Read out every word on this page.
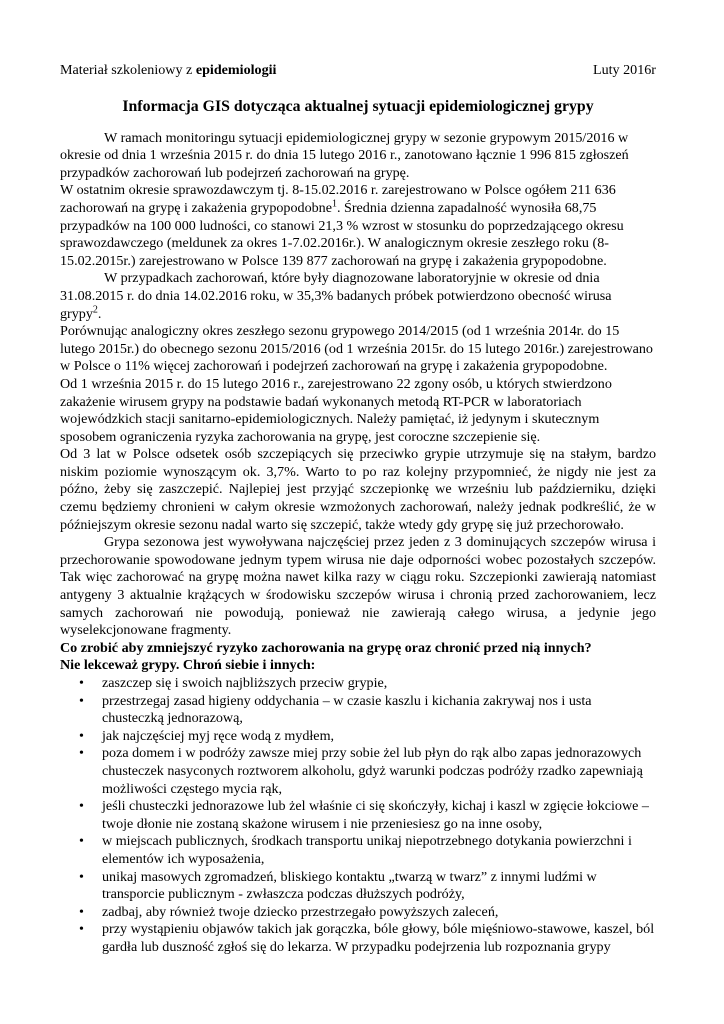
Materiał szkoleniowy z epidemiologii	Luty 2016r
Informacja GIS dotycząca aktualnej sytuacji epidemiologicznej grypy

W ramach monitoringu sytuacji epidemiologicznej grypy w sezonie grypowym 2015/2016 w okresie od dnia 1 września 2015 r. do dnia 15 lutego 2016 r., zanotowano łącznie 1 996 815 zgłoszeń przypadków zachorowań lub podejrzeń zachorowań na grypę.

W ostatnim okresie sprawozdawczym tj. 8-15.02.2016 r. zarejestrowano w Polsce ogółem 211 636 zachorowań na grypę i zakażenia grypopodobne$^1$. Średnia dzienna zapadalność wynosiła 68,75 przypadków na 100 000 ludności, co stanowi 21,3 % wzrost w stosunku do poprzedzającego okresu sprawozdawczego (meldunek za okres 1-7.02.2016r.). W analogicznym okresie zeszłego roku (8-15.02.2015r.) zarejestrowano w Polsce 139 877 zachorowań na grypę i zakażenia grypopodobne.

W przypadkach zachorowań, które były diagnozowane laboratoryjnie w okresie od dnia 31.08.2015 r. do dnia 14.02.2016 roku, w 35,3% badanych próbek potwierdzono obecność wirusa grypy$^2$.

Porównując analogiczny okres zeszłego sezonu grypowego 2014/2015 (od 1 września 2014r. do 15 lutego 2015r.) do obecnego sezonu 2015/2016 (od 1 września 2015r. do 15 lutego 2016r.) zarejestrowano w Polsce o 11% więcej zachorowań i podejrzeń zachorowań na grypę i zakażenia grypopodobne.

Od 1 września 2015 r. do 15 lutego 2016 r., zarejestrowano 22 zgony osób, u których stwierdzono zakażenie wirusem grypy na podstawie badań wykonanych metodą RT-PCR w laboratoriach wojewódzkich stacji sanitarno-epidemiologicznych. Należy pamiętać, iż jedynym i skutecznym sposobem ograniczenia ryzyka zachorowania na grypę, jest coroczne szczepienie się.

Od 3 lat w Polsce odsetek osób szczepiących się przeciwko grypie utrzymuje się na stałym, bardzo niskim poziomie wynoszącym ok. 3,7%. Warto to po raz kolejny przypomnieć, że nigdy nie jest za późno, żeby się zaszczepić. Najlepiej jest przyjąć szczepionkę we wrześniu lub październiku, dzięki czemu będziemy chronieni w całym okresie wzmożonych zachorowań, należy jednak podkreślić, że w późniejszym okresie sezonu nadal warto się szczepić, także wtedy gdy grypę się już przechorowało.

Grypa sezonowa jest wywoływana najczęściej przez jeden z 3 dominujących szczepów wirusa i przechorowanie spowodowane jednym typem wirusa nie daje odporności wobec pozostałych szczepów. Tak więc zachorować na grypę można nawet kilka razy w ciągu roku. Szczepionki zawierają natomiast antygeny 3 aktualnie krążących w środowisku szczepów wirusa i chronią przed zachorowaniem, lecz samych zachorowań nie powodują, ponieważ nie zawierają całego wirusa, a jedynie jego wyselekcjonowane fragmenty.

Co zrobić aby zmniejszyć ryzyko zachorowania na grypę oraz chronić przed nią innych?

Nie lekceważ grypy. Chroń siebie i innych:

• zaszczep się i swoich najbliższych przeciw grypie,
• przestrzegaj zasad higieny oddychania – w czasie kaszlu i kichania zakrywaj nos i usta chusteczką jednorazową,
• jak najczęściej myj ręce wodą z mydłem,
• poza domem i w podróży zawsze miej przy sobie żel lub płyn do rąk albo zapas jednorazowych chusteczek nasyconych roztworem alkoholu, gdyż warunki podczas podróży rzadko zapewniają możliwości częstego mycia rąk,
• jeśli chusteczki jednorazowe lub żel właśnie ci się skończyły, kichaj i kaszl w zgięcie łokciowe – twoje dłonie nie zostaną skażone wirusem i nie przeniesiesz go na inne osoby,
• w miejscach publicznych, środkach transportu unikaj niepotrzebnego dotykania powierzchni i elementów ich wyposażenia,
• unikaj masowych zgromadzeń, bliskiego kontaktu „twarzą w twarz” z innymi ludźmi w transporcie publicznym - zwłaszcza podczas dłuższych podróży,
• zadbaj, aby również twoje dziecko przestrzegało powyższych zaleceń,
• przy wystąpieniu objawów takich jak gorączka, bóle głowy, bóle mięśniowo-stawowe, kaszel, ból gardła lub duszność zgłoś się do lekarza. W przypadku podejrzenia lub rozpoznania grypy
